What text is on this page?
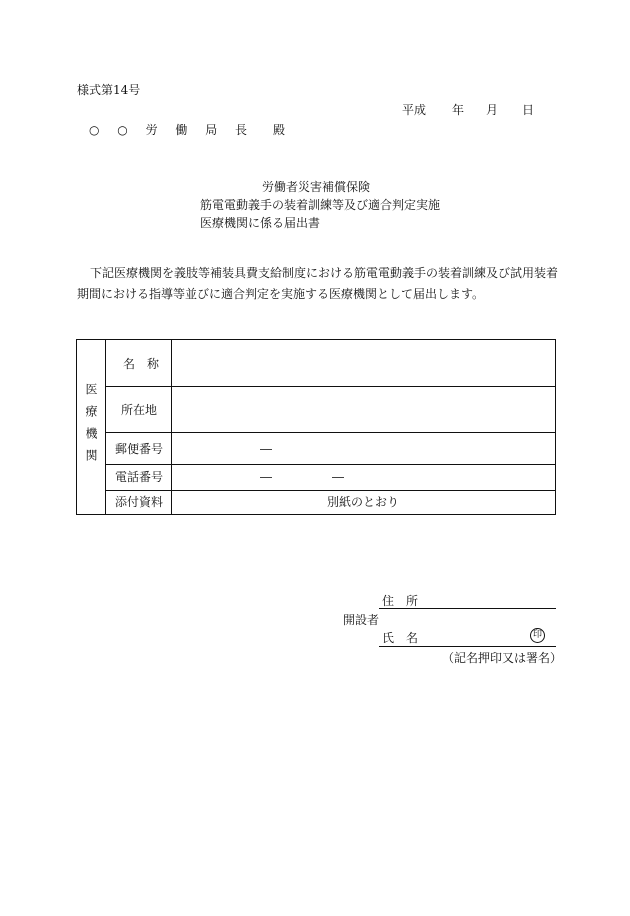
様式第14号
平成 年 月 日
○ ○ 労 働 局 長　殿
労働者災害補償保険
筋電電動義手の装着訓練等及び適合判定実施
医療機関に係る届出書
下記医療機関を義肢等補装具費支給制度における筋電電動義手の装着訓練及び試用装着
期間における指導等並びに適合判定を実施する医療機関として届出します。
医療機関
名　称
所在地
郵便番号	―
電話番号	―	―
添付資料	別紙のとおり
住　所
開設者
氏　名	印
（記名押印又は署名）
